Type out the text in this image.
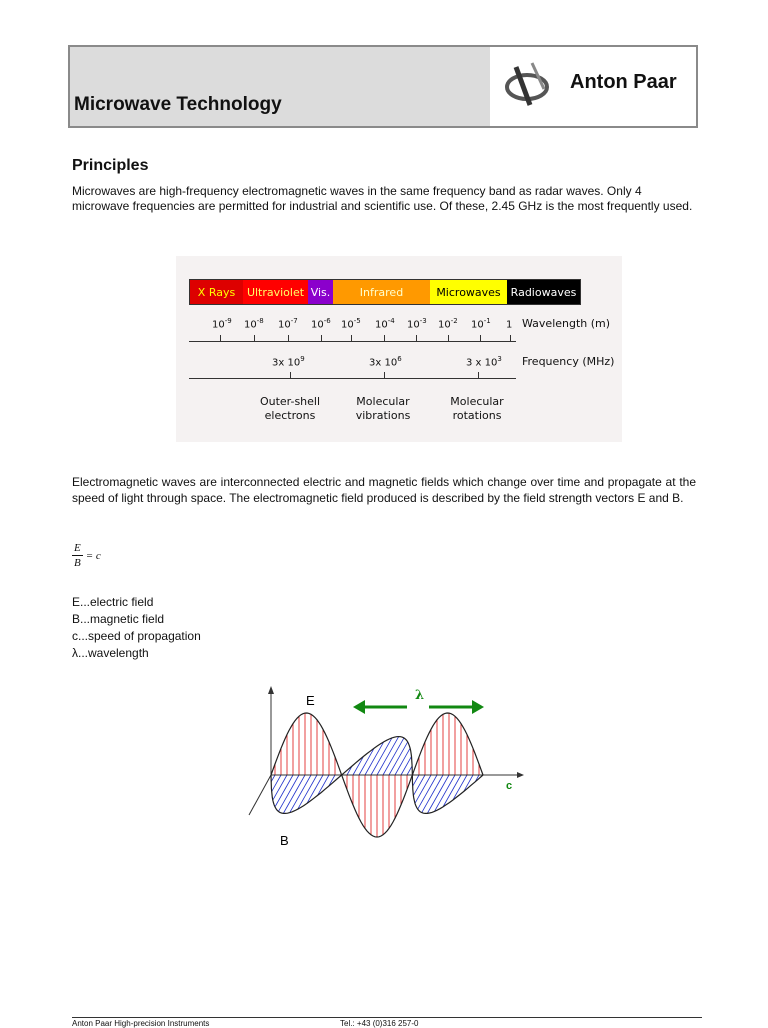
Microwave Technology
Anton Paar
Principles
Microwaves are high-frequency electromagnetic waves in the same frequency band as radar waves. Only 4 microwave frequencies are permitted for industrial and scientific use. Of these, 2.45 GHz is the most frequently used.
X Rays Ultraviolet Vis.	Infrared	Microwaves Radiowaves
$10^{-9}$ $10^{-8}$ $10^{-7}$ $10^{-6}$ $10^{-5}$ $10^{-4}$ $10^{-3}$ $10^{-2}$ $10^{-1}$ 1 Wavelength (m)
3x $10^9$	3x $10^6$	3 x $10^3$ Frequency (MHz)
Outer-shell
electrons
Molecular
vibrations
Molecular
rotations
Electromagnetic waves are interconnected electric and magnetic fields which change over time and propagate at the speed of light through space. The electromagnetic field produced is described by the field strength vectors E and B.
$\frac{E}{B} = c$
E...electric field
B...magnetic field
c...speed of propagation
λ...wavelength
λ
E
B
c
Anton Paar High-precision Instruments	Tel.: +43 (0)316 257-0
